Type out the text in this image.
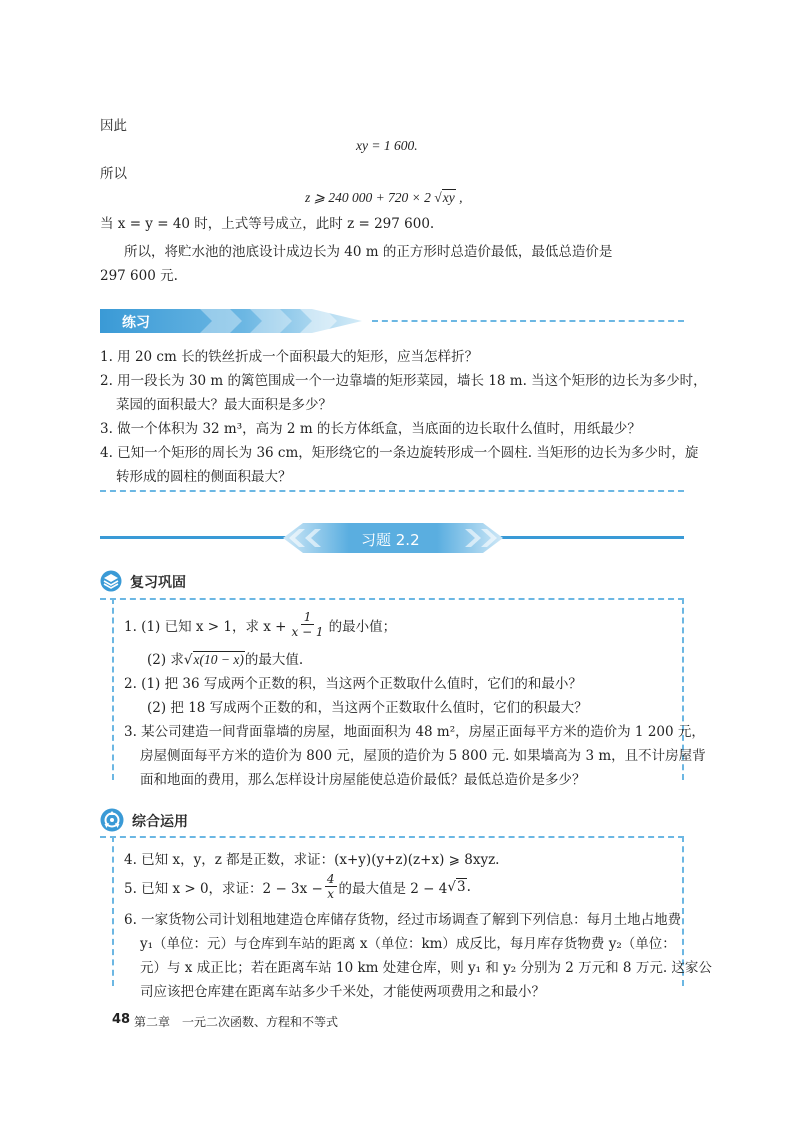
因此
xy = 1 600.
所以
z ⩾ 240 000 + 720 × 2 √xy ,
当 x = y = 40 时，上式等号成立，此时 z = 297 600.
所以，将贮水池的池底设计成边长为 40 m 的正方形时总造价最低，最低总造价是
297 600 元.
练习
1. 用 20 cm 长的铁丝折成一个面积最大的矩形，应当怎样折？
2. 用一段长为 30 m 的篱笆围成一个一边靠墙的矩形菜园，墙长 18 m. 当这个矩形的边长为多少时，
菜园的面积最大？最大面积是多少？
3. 做一个体积为 32 m³，高为 2 m 的长方体纸盒，当底面的边长取什么值时，用纸最少？
4. 已知一个矩形的周长为 36 cm，矩形绕它的一条边旋转形成一个圆柱. 当矩形的边长为多少时，旋
转形成的圆柱的侧面积最大？
习题 2.2
复习巩固
1. (1) 已知 x > 1，求 $x + \frac{1}{x - 1}$ 的最小值；
(2) 求√x(10 − x)的最大值.
2. (1) 把 36 写成两个正数的积，当这两个正数取什么值时，它们的和最小？
(2) 把 18 写成两个正数的和，当这两个正数取什么值时，它们的积最大？
3. 某公司建造一间背面靠墙的房屋，地面面积为 48 m²，房屋正面每平方米的造价为 1 200 元，
房屋侧面每平方米的造价为 800 元，屋顶的造价为 5 800 元. 如果墙高为 3 m，且不计房屋背
面和地面的费用，那么怎样设计房屋能使总造价最低？最低总造价是多少？
综合运用
4. 已知 x，y，z 都是正数，求证：(x+y)(y+z)(z+x) ⩾ 8xyz.
5. 已知 x > 0，求证：$2 - 3x - \frac{4}{x}$ 的最大值是 2 − 4 √ 3 .
6. 一家货物公司计划租地建造仓库储存货物，经过市场调查了解到下列信息：每月土地占地费
y₁（单位：元）与仓库到车站的距离 x（单位：km）成反比，每月库存货物费 y₂（单位：
元）与 x 成正比；若在距离车站 10 km 处建仓库，则 y₁ 和 y₂ 分别为 2 万元和 8 万元. 这家公
司应该把仓库建在距离车站多少千米处，才能使两项费用之和最小？
48 第二章　一元二次函数、方程和不等式
